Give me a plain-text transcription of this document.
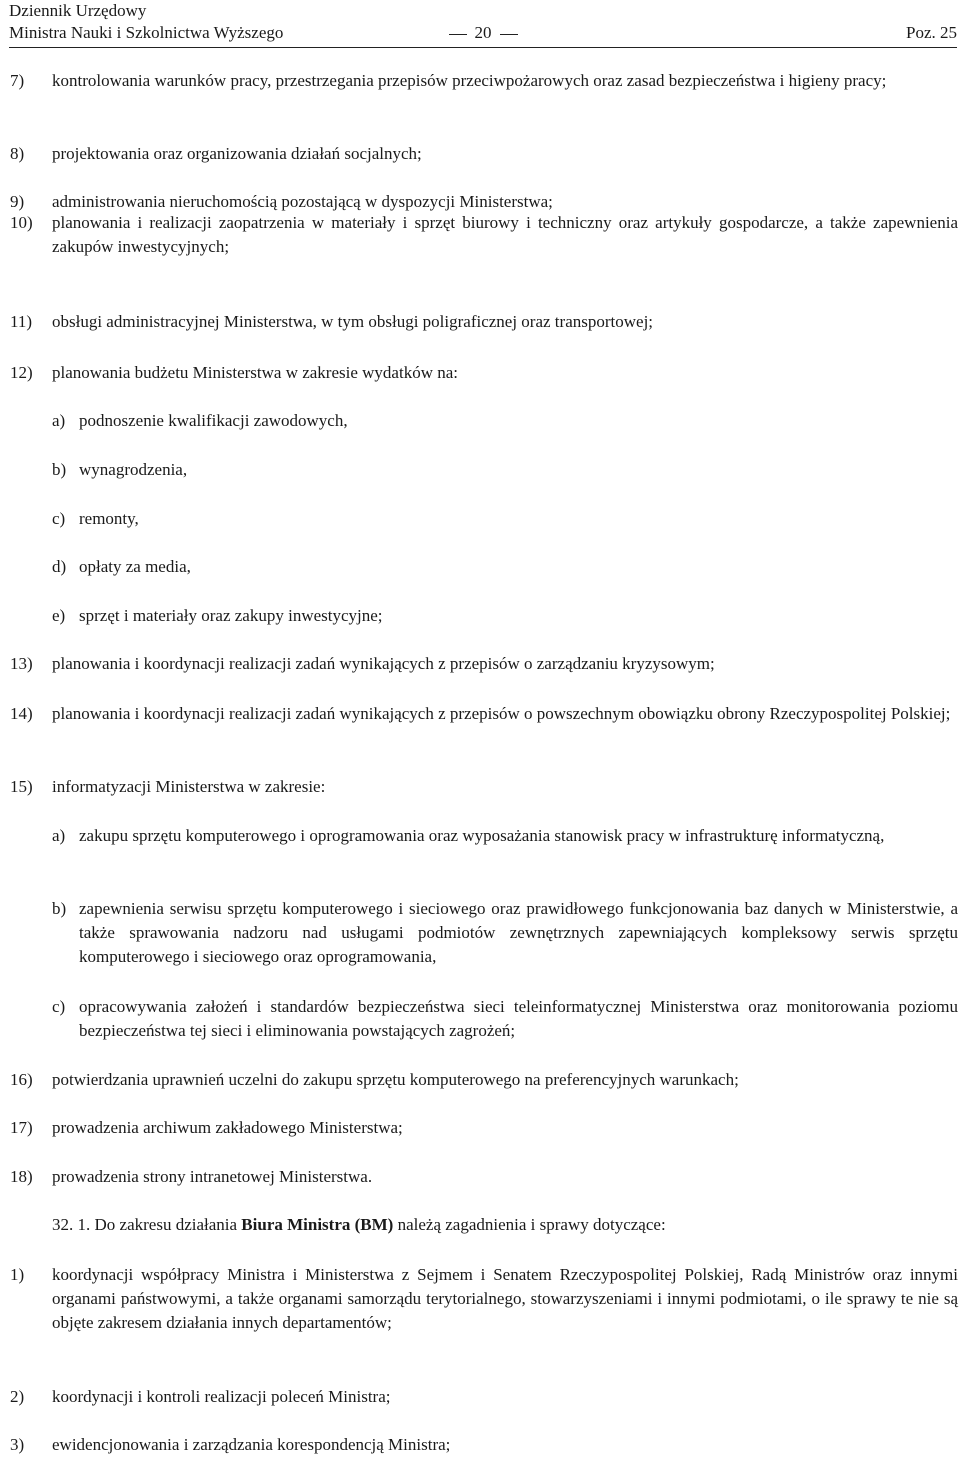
Dziennik Urzędowy
Ministra Nauki i Szkolnictwa Wyższego	20	Poz. 25
7)	kontrolowania warunków pracy, przestrzegania przepisów przeciwpożarowych oraz zasad bezpieczeństwa i higieny pracy;
8)	projektowania oraz organizowania działań socjalnych;
9)	administrowania nieruchomością pozostającą w dyspozycji Ministerstwa;
10)	planowania i realizacji zaopatrzenia w materiały i sprzęt biurowy i techniczny oraz artykuły gospodarcze, a także zapewnienia zakupów inwestycyjnych;
11)	obsługi administracyjnej Ministerstwa, w tym obsługi poligraficznej oraz transportowej;
12)	planowania budżetu Ministerstwa w zakresie wydatków na:
a) podnoszenie kwalifikacji zawodowych,
b) wynagrodzenia,
c) remonty,
d) opłaty za media,
e) sprzęt i materiały oraz zakupy inwestycyjne;
13)	planowania i koordynacji realizacji zadań wynikających z przepisów o zarządzaniu kryzysowym;
14)	planowania i koordynacji realizacji zadań wynikających z przepisów o powszechnym obowiązku obrony Rzeczypospolitej Polskiej;
15)	informatyzacji Ministerstwa w zakresie:
a) zakupu sprzętu komputerowego i oprogramowania oraz wyposażania stanowisk pracy w infrastrukturę informatyczną,
b) zapewnienia serwisu sprzętu komputerowego i sieciowego oraz prawidłowego funkcjonowania baz danych w Ministerstwie, a także sprawowania nadzoru nad usługami podmiotów zewnętrznych zapewniających kompleksowy serwis sprzętu komputerowego i sieciowego oraz oprogramowania,
c) opracowywania założeń i standardów bezpieczeństwa sieci teleinformatycznej Ministerstwa oraz monitorowania poziomu bezpieczeństwa tej sieci i eliminowania powstających zagrożeń;
16)	potwierdzania uprawnień uczelni do zakupu sprzętu komputerowego na preferencyjnych warunkach;
17)	prowadzenia archiwum zakładowego Ministerstwa;
18)	prowadzenia strony intranetowej Ministerstwa.
32. 1. Do zakresu działania Biura Ministra (BM) należą zagadnienia i sprawy dotyczące:
1)	koordynacji współpracy Ministra i Ministerstwa z Sejmem i Senatem Rzeczypospolitej Polskiej, Radą Ministrów oraz innymi organami państwowymi, a także organami samorządu terytorialnego, stowarzyszeniami i innymi podmiotami, o ile sprawy te nie są objęte zakresem działania innych departamentów;
2)	koordynacji i kontroli realizacji poleceń Ministra;
3)	ewidencjonowania i zarządzania korespondencją Ministra;
